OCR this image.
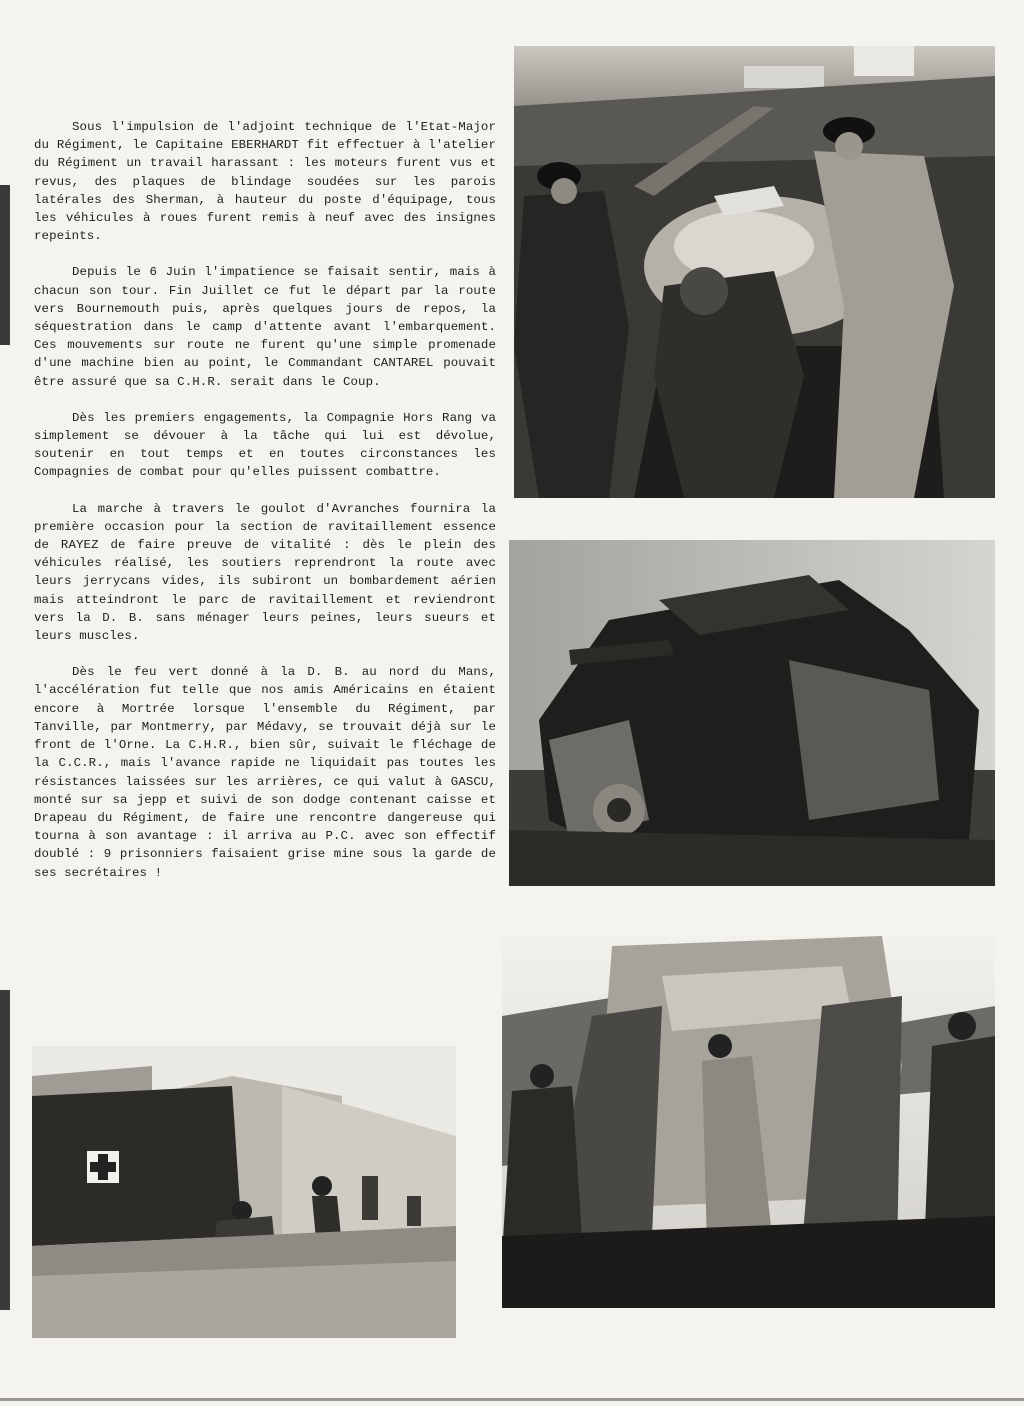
Sous l'impulsion de l'adjoint technique de l'Etat-Major du Régiment, le Capitaine EBERHARDT fit effectuer à l'atelier du Régiment un travail harassant : les moteurs furent vus et revus, des plaques de blindage soudées sur les parois latérales des Sherman, à hauteur du poste d'équipage, tous les véhicules à roues furent remis à neuf avec des insignes repeints.

Depuis le 6 Juin l'impatience se faisait sentir, mais à chacun son tour. Fin Juillet ce fut le départ par la route vers Bournemouth puis, après quelques jours de repos, la séquestration dans le camp d'attente avant l'embarquement. Ces mouvements sur route ne furent qu'une simple promenade d'une machine bien au point, le Commandant CANTAREL pouvait être assuré que sa C.H.R. serait dans le Coup.

Dès les premiers engagements, la Compagnie Hors Rang va simplement se dévouer à la tâche qui lui est dévolue, soutenir en tout temps et en toutes circonstances les Compagnies de combat pour qu'elles puissent combattre.

La marche à travers le goulot d'Avranches fournira la première occasion pour la section de ravitaillement essence de RAYEZ de faire preuve de vitalité : dès le plein des véhicules réalisé, les soutiers reprendront la route avec leurs jerrycans vides, ils subiront un bombardement aérien mais atteindront le parc de ravitaillement et reviendront vers la D. B. sans ménager leurs peines, leurs sueurs et leurs muscles.

Dès le feu vert donné à la D. B. au nord du Mans, l'accélération fut telle que nos amis Américains en étaient encore à Mortrée lorsque l'ensemble du Régiment, par Tanville, par Montmerry, par Médavy, se trouvait déjà sur le front de l'Orne. La C.H.R., bien sûr, suivait le fléchage de la C.C.R., mais l'avance rapide ne liquidait pas toutes les résistances laissées sur les arrières, ce qui valut à GASCU, monté sur sa jepp et suivi de son dodge contenant caisse et Drapeau du Régiment, de faire une rencontre dangereuse qui tourna à son avantage : il arriva au P.C. avec son effectif doublé : 9 prisonniers faisaient grise mine sous la garde de ses secrétaires !
